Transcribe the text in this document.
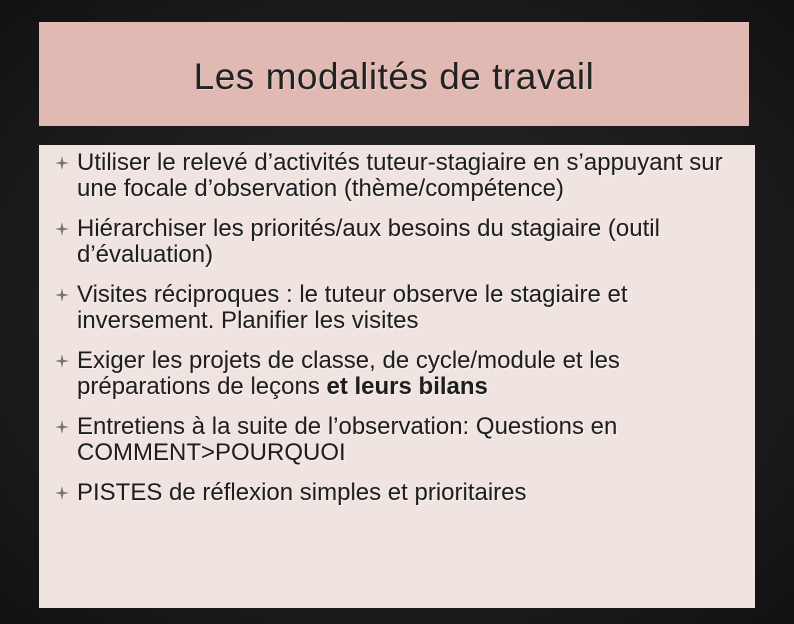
Les modalités de travail
Utiliser le relevé d’activités tuteur-stagiaire en s’appuyant sur une focale d’observation (thème/compétence)
Hiérarchiser les priorités/aux besoins du stagiaire (outil d’évaluation)
Visites réciproques : le tuteur observe le stagiaire et inversement. Planifier les visites
Exiger les projets de classe, de cycle/module et les préparations de leçons et leurs bilans
Entretiens à la suite de l’observation: Questions en COMMENT>POURQUOI
PISTES de réflexion simples et prioritaires
